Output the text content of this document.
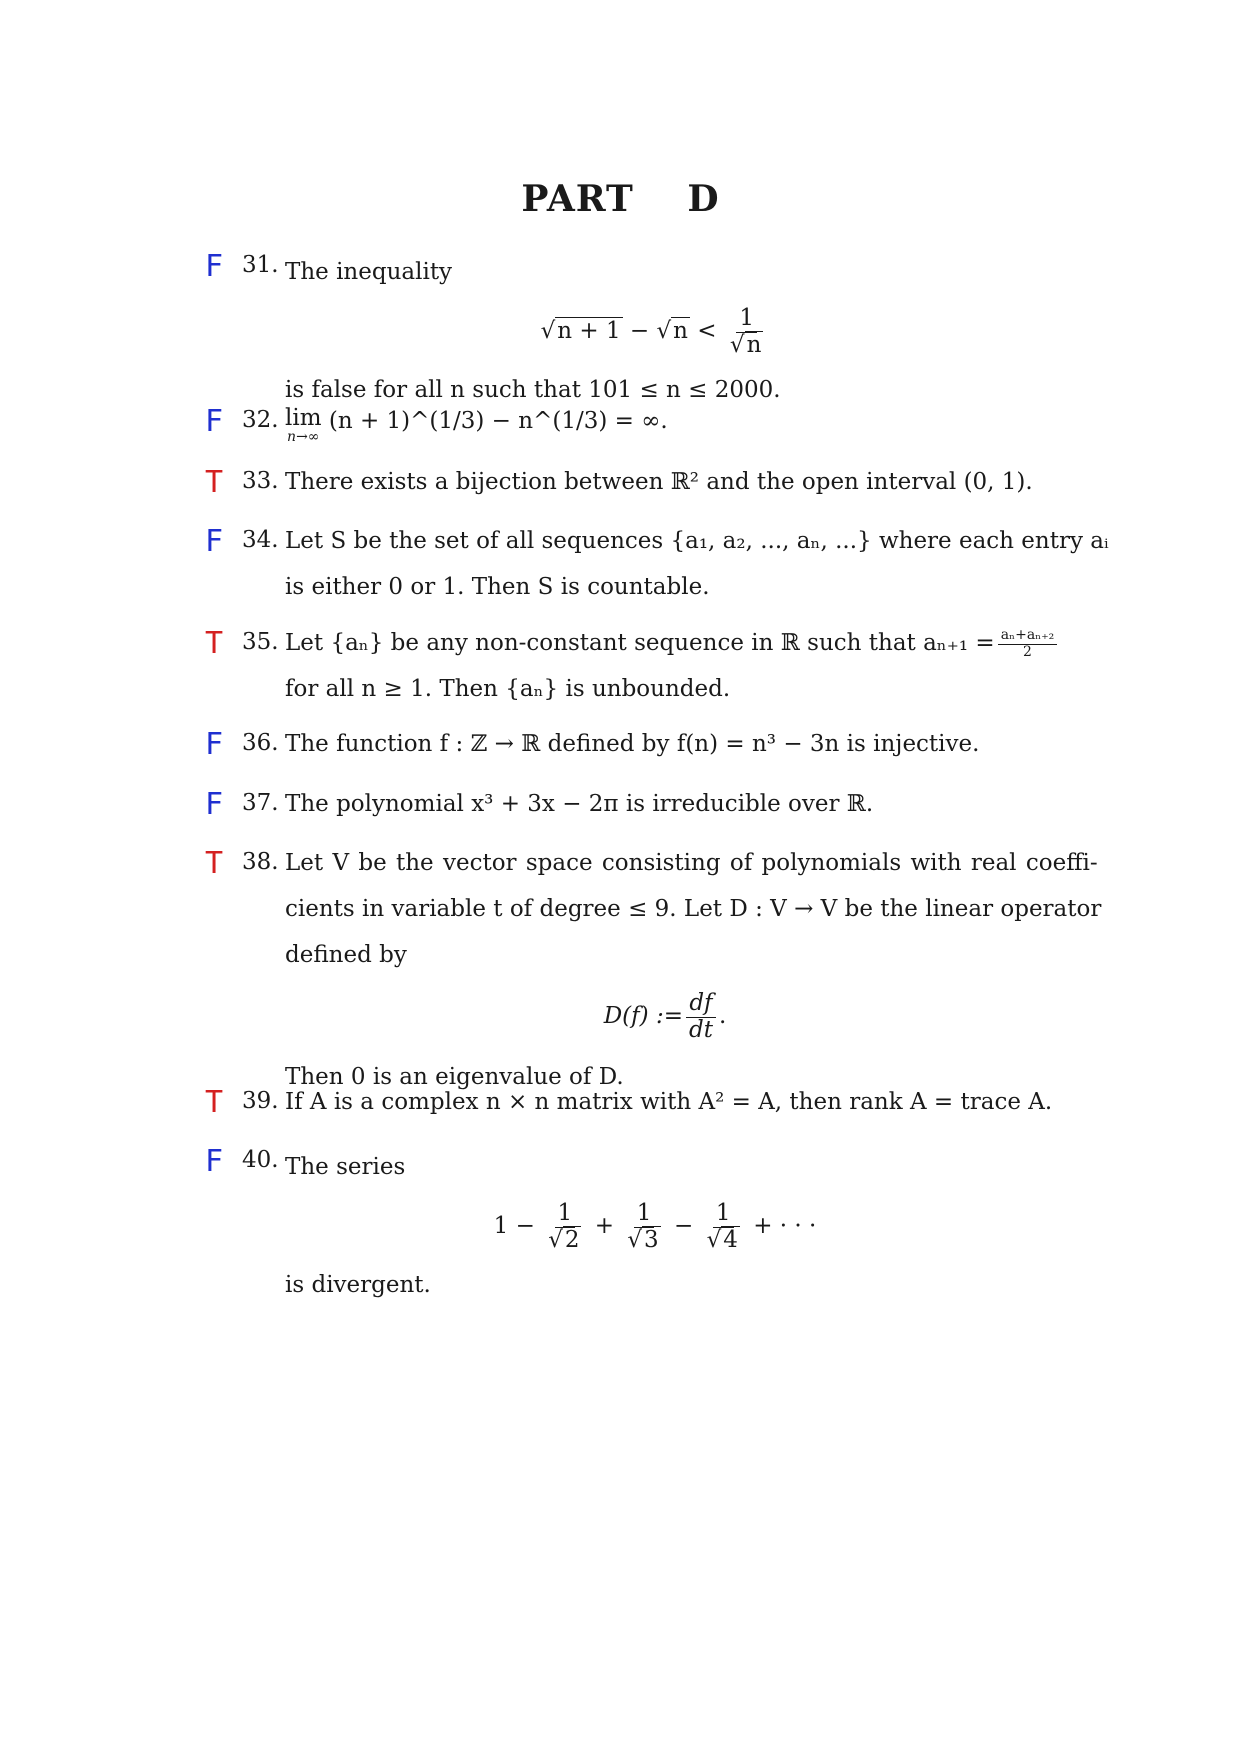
PART D
F 31. The inequality
$√n + 1 - √n < \frac{1}{√n}$
is false for all n such that 101 ≤ n ≤ 2000.
F 32. lim
n→∞
(n + 1)^(1/3) − n^(1/3) = ∞.
T 33. There exists a bijection between ℝ² and the open interval (0, 1).
F 34. Let S be the set of all sequences {a₁, a₂, ..., aₙ, ...} where each entry aᵢ
is either 0 or 1. Then S is countable.
T 35. Let {aₙ} be any non-constant sequence in ℝ such that $a_{n+1} = \frac{\text{aₙ+aₙ₊₂}}{2}$
for all n ≥ 1. Then {aₙ} is unbounded.
F 36. The function f : ℤ → ℝ defined by f(n) = n³ − 3n is injective.
F 37. The polynomial x³ + 3x − 2π is irreducible over ℝ.
T 38. Let V be the vector space consisting of polynomials with real coeffi-
cients in variable t of degree ≤ 9. Let D : V → V be the linear operator
defined by
D(f) := $\frac{df}{dt}$ .
Then 0 is an eigenvalue of D.
T 39. If A is a complex n × n matrix with A² = A, then rank A = trace A.
F 40. The series
$1 - \frac{1}{√2} + \frac{1}{√3} - \frac{1}{√4}$ + · · ·
is divergent.
